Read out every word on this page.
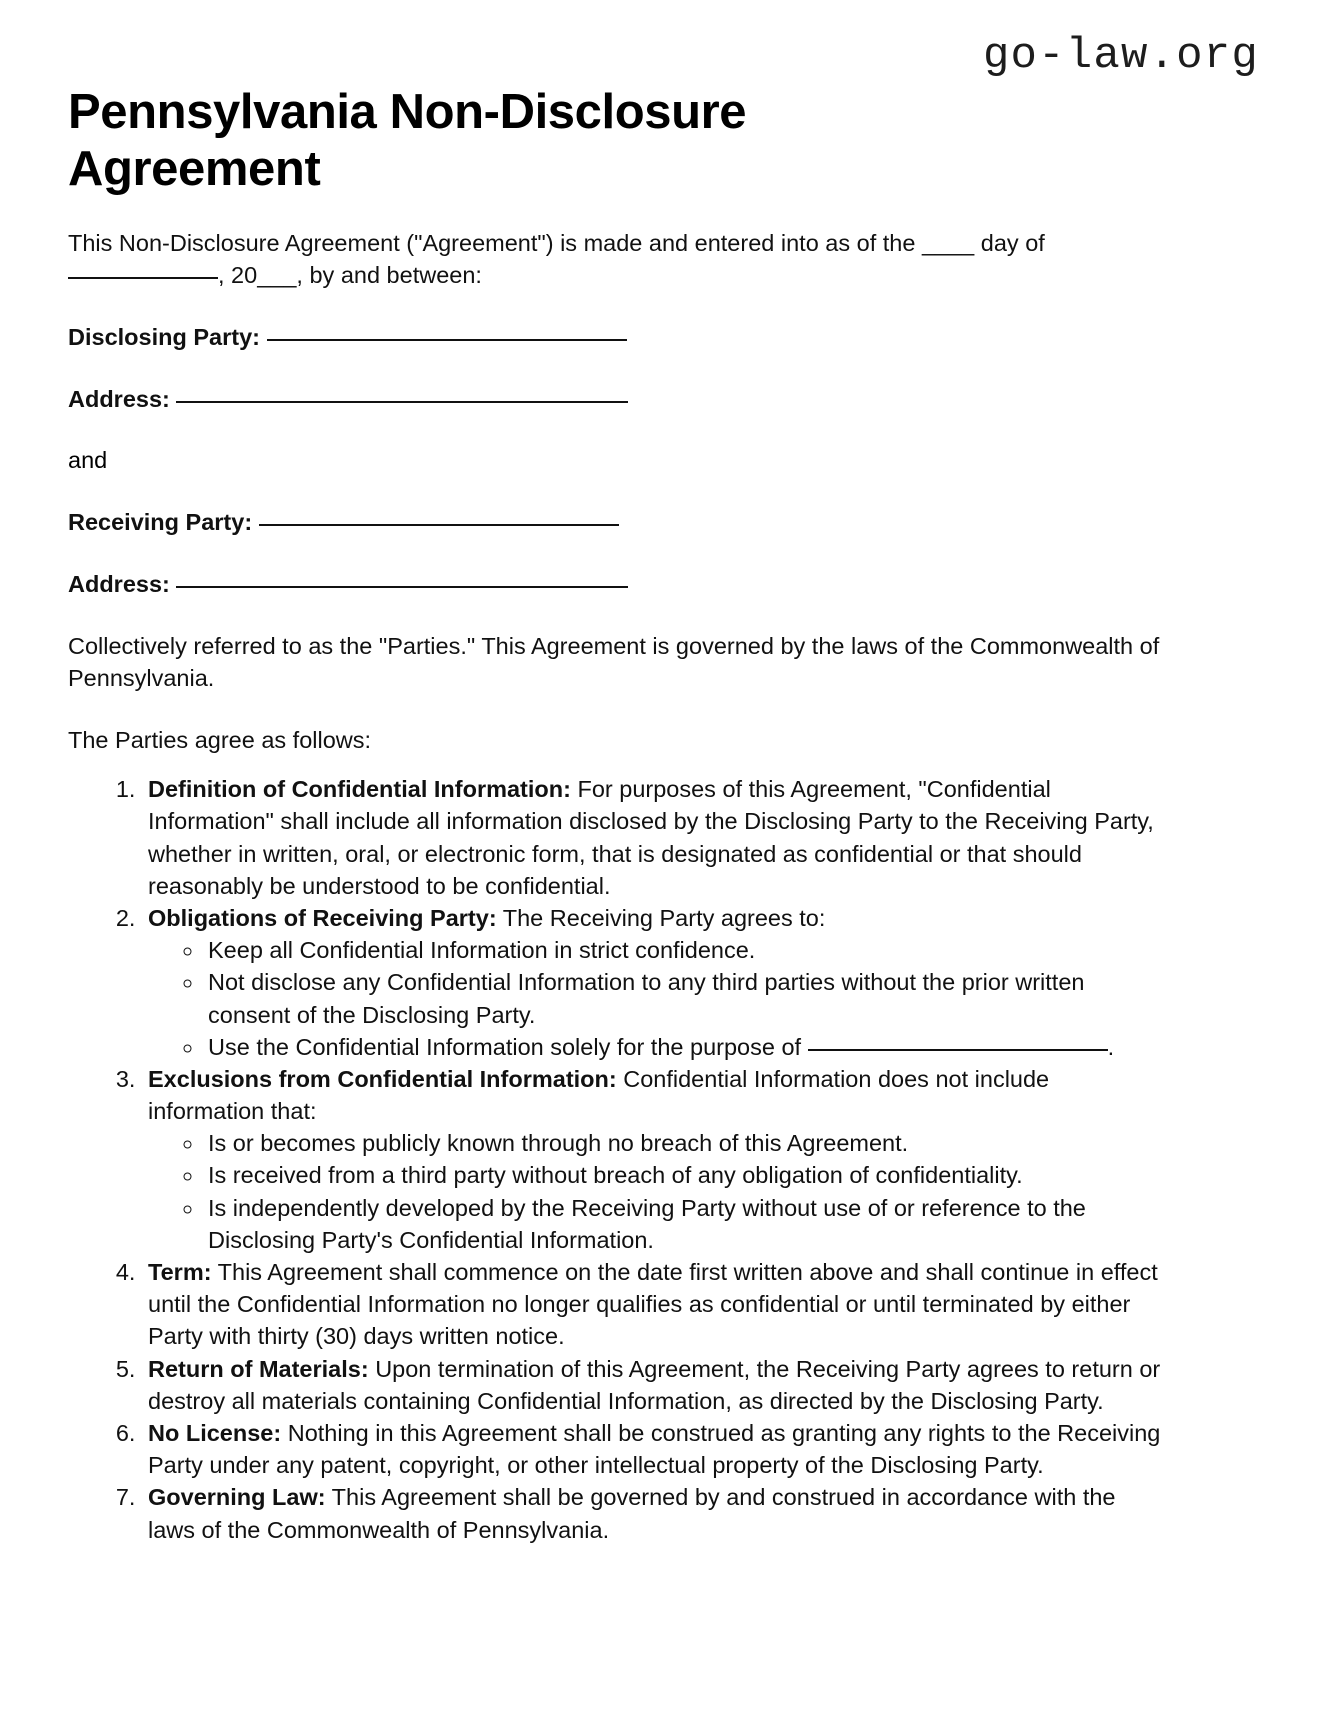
go-law.org
Pennsylvania Non-Disclosure Agreement

This Non-Disclosure Agreement ("Agreement") is made and entered into as of the ____ day of , 20___, by and between:

Disclosing Party:

Address:

and

Receiving Party:

Address:

Collectively referred to as the "Parties." This Agreement is governed by the laws of the Commonwealth of Pennsylvania.

The Parties agree as follows:

1. Definition of Confidential Information: For purposes of this Agreement, "Confidential Information" shall include all information disclosed by the Disclosing Party to the Receiving Party, whether in written, oral, or electronic form, that is designated as confidential or that should reasonably be understood to be confidential.
2. Obligations of Receiving Party: The Receiving Party agrees to:
◦ Keep all Confidential Information in strict confidence.
◦ Not disclose any Confidential Information to any third parties without the prior written consent of the Disclosing Party.
◦ Use the Confidential Information solely for the purpose of	.
3. Exclusions from Confidential Information: Confidential Information does not include information that:
◦ Is or becomes publicly known through no breach of this Agreement.
◦ Is received from a third party without breach of any obligation of confidentiality.
◦ Is independently developed by the Receiving Party without use of or reference to the Disclosing Party's Confidential Information.
4. Term: This Agreement shall commence on the date first written above and shall continue in effect until the Confidential Information no longer qualifies as confidential or until terminated by either Party with thirty (30) days written notice.
5. Return of Materials: Upon termination of this Agreement, the Receiving Party agrees to return or destroy all materials containing Confidential Information, as directed by the Disclosing Party.
6. No License: Nothing in this Agreement shall be construed as granting any rights to the Receiving Party under any patent, copyright, or other intellectual property of the Disclosing Party.
7. Governing Law: This Agreement shall be governed by and construed in accordance with the laws of the Commonwealth of Pennsylvania.
